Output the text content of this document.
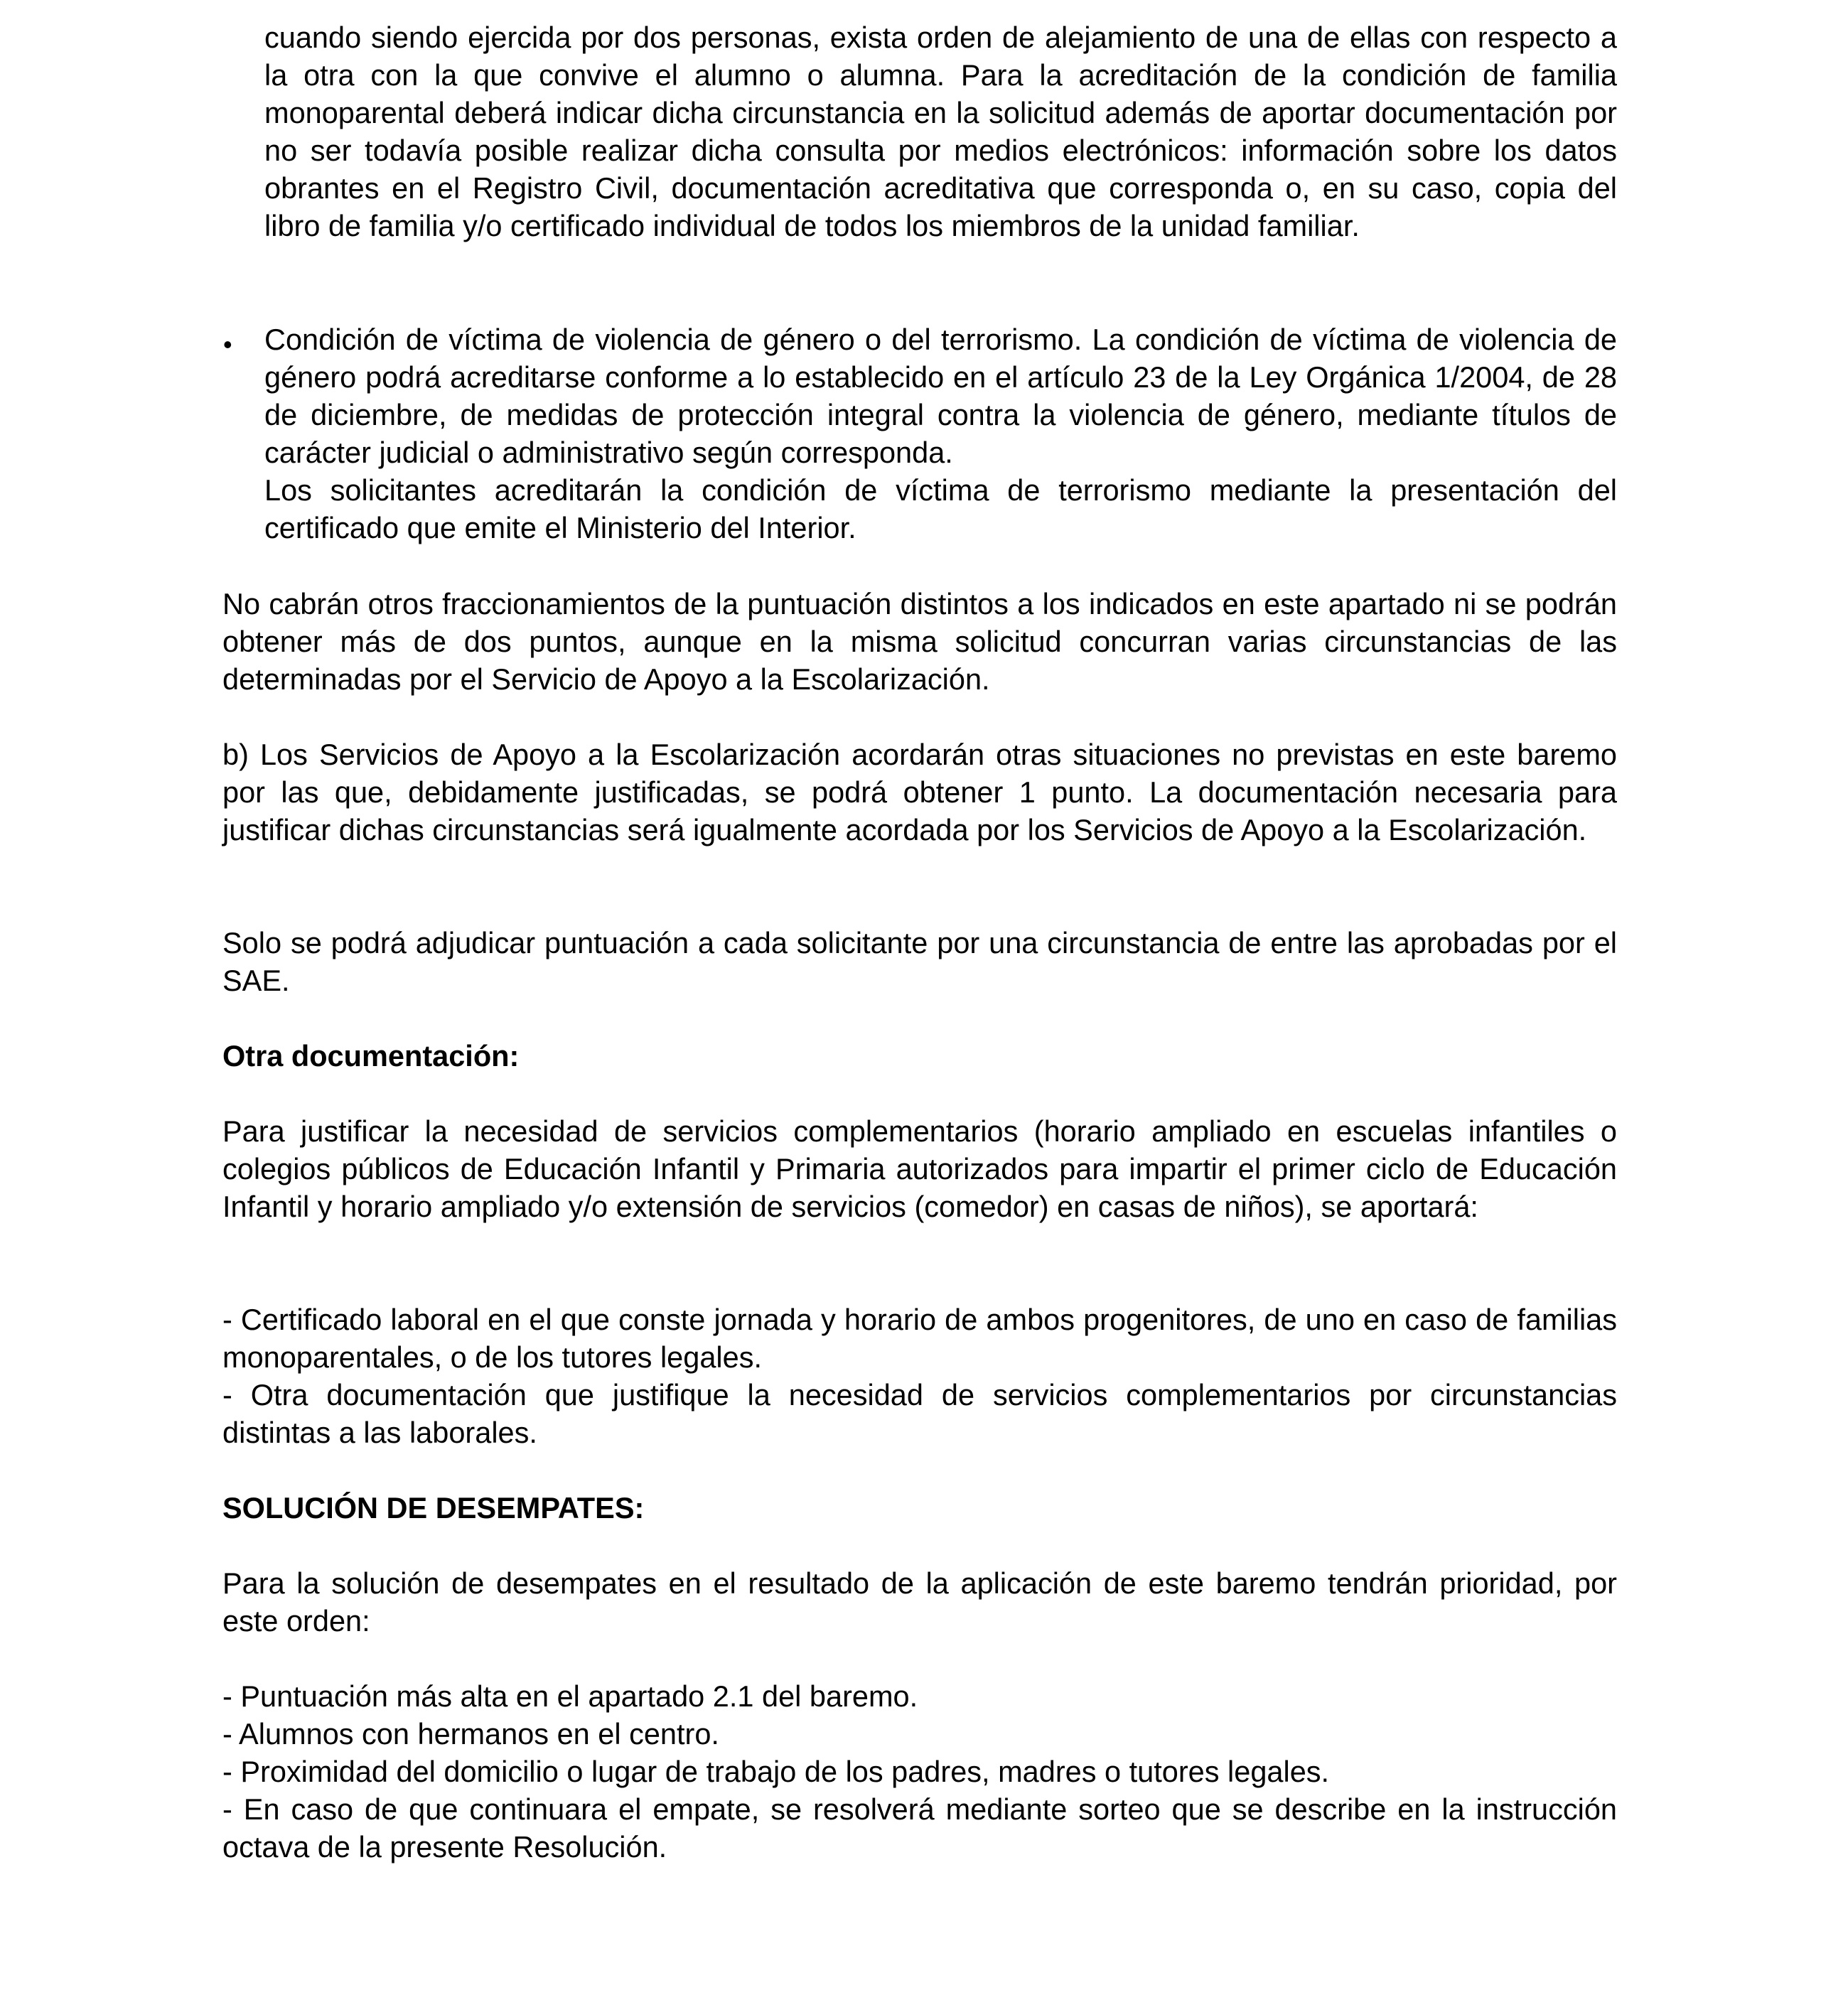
cuando siendo ejercida por dos personas, exista orden de alejamiento de una de ellas con respecto a la otra con la que convive el alumno o alumna. Para la acreditación de la condición de familia monoparental deberá indicar dicha circunstancia en la solicitud además de aportar documentación por no ser todavía posible realizar dicha consulta por medios electrónicos: información sobre los datos obrantes en el Registro Civil, documentación acreditativa que corresponda o, en su caso, copia del libro de familia y/o certificado individual de todos los miembros de la unidad familiar.

• Condición de víctima de violencia de género o del terrorismo. La condición de víctima de violencia de género podrá acreditarse conforme a lo establecido en el artículo 23 de la Ley Orgánica 1/2004, de 28 de diciembre, de medidas de protección integral contra la violencia de género, mediante títulos de carácter judicial o administrativo según corresponda.

Los solicitantes acreditarán la condición de víctima de terrorismo mediante la presentación del certificado que emite el Ministerio del Interior.

No cabrán otros fraccionamientos de la puntuación distintos a los indicados en este apartado ni se podrán obtener más de dos puntos, aunque en la misma solicitud concurran varias circunstancias de las determinadas por el Servicio de Apoyo a la Escolarización.

b) Los Servicios de Apoyo a la Escolarización acordarán otras situaciones no previstas en este baremo por las que, debidamente justificadas, se podrá obtener 1 punto. La documentación necesaria para justificar dichas circunstancias será igualmente acordada por los Servicios de Apoyo a la Escolarización.

Solo se podrá adjudicar puntuación a cada solicitante por una circunstancia de entre las aprobadas por el SAE.

Otra documentación:

Para justificar la necesidad de servicios complementarios (horario ampliado en escuelas infantiles o colegios públicos de Educación Infantil y Primaria autorizados para impartir el primer ciclo de Educación Infantil y horario ampliado y/o extensión de servicios (comedor) en casas de niños), se aportará:

- Certificado laboral en el que conste jornada y horario de ambos progenitores, de uno en caso de familias monoparentales, o de los tutores legales.

- Otra documentación que justifique la necesidad de servicios complementarios por circunstancias distintas a las laborales.

SOLUCIÓN DE DESEMPATES:

Para la solución de desempates en el resultado de la aplicación de este baremo tendrán prioridad, por este orden:

- Puntuación más alta en el apartado 2.1 del baremo.

- Alumnos con hermanos en el centro.

- Proximidad del domicilio o lugar de trabajo de los padres, madres o tutores legales.

- En caso de que continuara el empate, se resolverá mediante sorteo que se describe en la instrucción octava de la presente Resolución.
